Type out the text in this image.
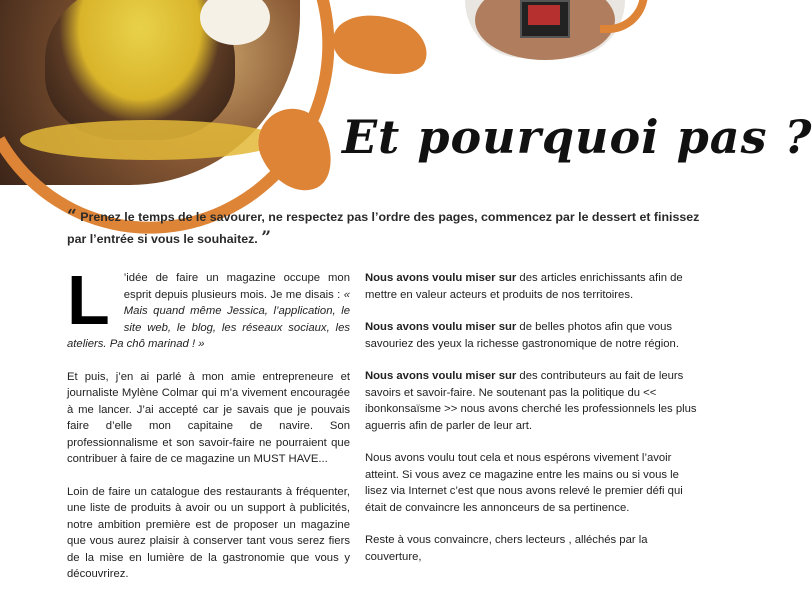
Et pourquoi pas ?

“ Prenez le temps de le savourer, ne respectez pas l’ordre des pages, commencez par le dessert et finissez par l’entrée si vous le souhaitez. ”

L ’idée de faire un magazine occupe mon esprit depuis plusieurs mois. Je me disais : « Mais quand même Jessica, l’application, le site web, le blog, les réseaux sociaux, les ateliers. Pa chô marinad ! »

Et puis, j’en ai parlé à mon amie entrepreneure et journaliste Mylène Colmar qui m’a vivement encouragée à me lancer. J’ai accepté car je savais que je pouvais faire d’elle mon capitaine de navire. Son professionnalisme et son savoir-faire ne pourraient que contribuer à faire de ce magazine un MUST HAVE...

Loin de faire un catalogue des restaurants à fréquenter, une liste de produits à avoir ou un support à publicités, notre ambition première est de proposer un magazine que vous aurez plaisir à conserver tant vous serez fiers de la mise en lumière de la gastronomie que vous y découvrirez.

Nous avons voulu miser sur des articles enrichissants afin de mettre en valeur acteurs et produits de nos territoires.

Nous avons voulu miser sur de belles photos afin que vous savouriez des yeux la richesse gastronomique de notre région.

Nous avons voulu miser sur des contributeurs au fait de leurs savoirs et savoir-faire. Ne soutenant pas la politique du << ibonkonsaïsme >> nous avons cherché les professionnels les plus aguerris afin de parler de leur art.

Nous avons voulu tout cela et nous espérons vivement l’avoir atteint. Si vous avez ce magazine entre les mains ou si vous le lisez via Internet c’est que nous avons relevé le premier défi qui était de convaincre les annonceurs de sa pertinence.

Reste à vous convaincre, chers lecteurs , alléchés par la couverture,
